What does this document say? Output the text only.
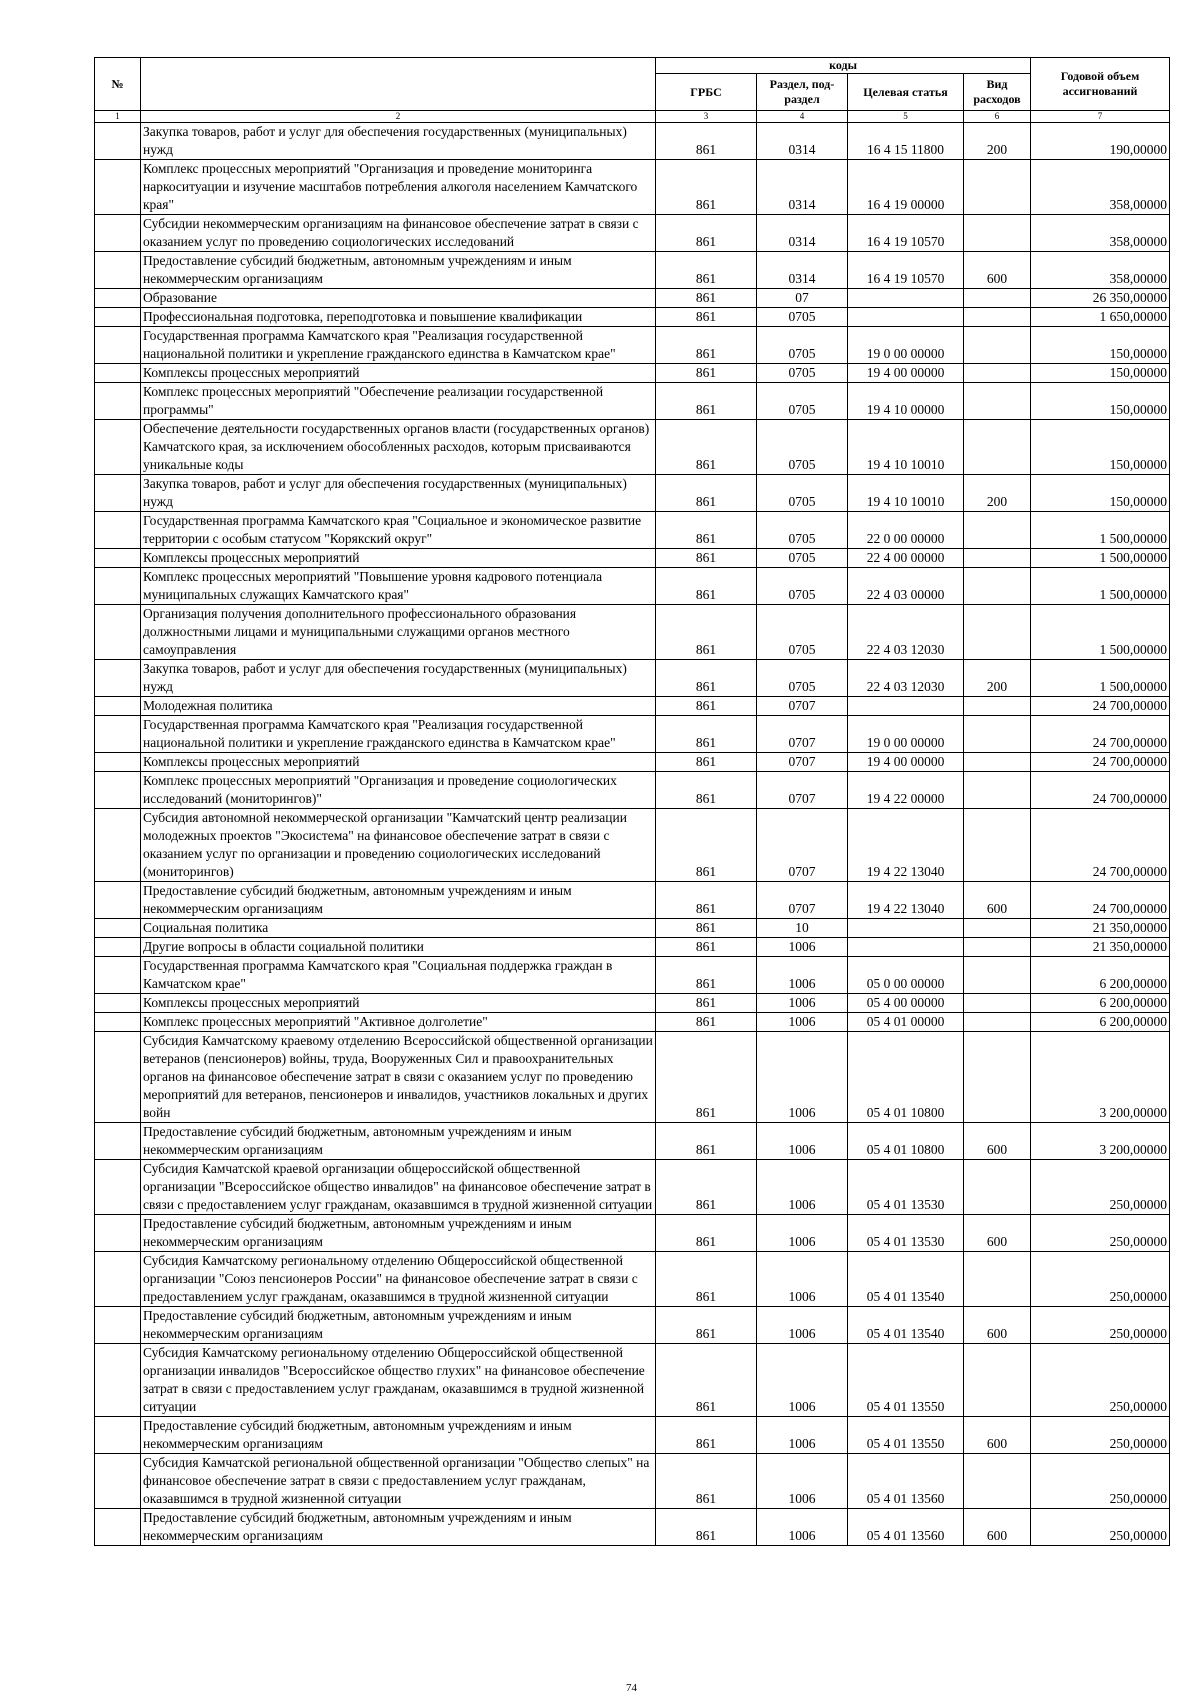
№		коды				Годовой объем ассигнований
		ГРБС	Раздел, под-раздел	Целевая статья	Вид расходов	
1	2	3	4	5	6	7
	Закупка товаров, работ и услуг для обеспечения государственных (муниципальных) нужд	861	0314	16 4 15 11800	200	190,00000
	Комплекс процессных мероприятий "Организация и проведение мониторинга наркоситуации и изучение масштабов потребления алкоголя населением Камчатского края"	861	0314	16 4 19 00000		358,00000
	Субсидии некоммерческим организациям на финансовое обеспечение затрат в связи с оказанием услуг по проведению социологических исследований	861	0314	16 4 19 10570		358,00000
	Предоставление субсидий бюджетным, автономным учреждениям и иным некоммерческим организациям	861	0314	16 4 19 10570	600	358,00000
	Образование	861	07			26 350,00000
	Профессиональная подготовка, переподготовка и повышение квалификации	861	0705			1 650,00000
	Государственная программа Камчатского края "Реализация государственной национальной политики и укрепление гражданского единства в Камчатском крае"	861	0705	19 0 00 00000		150,00000
	Комплексы процессных мероприятий	861	0705	19 4 00 00000		150,00000
	Комплекс процессных мероприятий "Обеспечение реализации государственной программы"	861	0705	19 4 10 00000		150,00000
	Обеспечение деятельности государственных органов власти (государственных органов) Камчатского края, за исключением обособленных расходов, которым присваиваются уникальные коды	861	0705	19 4 10 10010		150,00000
	Закупка товаров, работ и услуг для обеспечения государственных (муниципальных) нужд	861	0705	19 4 10 10010	200	150,00000
	Государственная программа Камчатского края "Социальное и экономическое развитие территории с особым статусом "Корякский округ"	861	0705	22 0 00 00000		1 500,00000
	Комплексы процессных мероприятий	861	0705	22 4 00 00000		1 500,00000
	Комплекс процессных мероприятий "Повышение уровня кадрового потенциала муниципальных служащих Камчатского края"	861	0705	22 4 03 00000		1 500,00000
	Организация получения дополнительного профессионального образования должностными лицами и муниципальными служащими органов местного самоуправления	861	0705	22 4 03 12030		1 500,00000
	Закупка товаров, работ и услуг для обеспечения государственных (муниципальных) нужд	861	0705	22 4 03 12030	200	1 500,00000
	Молодежная политика	861	0707			24 700,00000
	Государственная программа Камчатского края "Реализация государственной национальной политики и укрепление гражданского единства в Камчатском крае"	861	0707	19 0 00 00000		24 700,00000
	Комплексы процессных мероприятий	861	0707	19 4 00 00000		24 700,00000
	Комплекс процессных мероприятий "Организация и проведение социологических исследований (мониторингов)"	861	0707	19 4 22 00000		24 700,00000
	Субсидия автономной некоммерческой организации "Камчатский центр реализации молодежных проектов "Экосистема" на финансовое обеспечение затрат в связи с оказанием услуг по организации и проведению социологических исследований (мониторингов)	861	0707	19 4 22 13040		24 700,00000
	Предоставление субсидий бюджетным, автономным учреждениям и иным некоммерческим организациям	861	0707	19 4 22 13040	600	24 700,00000
	Социальная политика	861	10			21 350,00000
	Другие вопросы в области социальной политики	861	1006			21 350,00000
	Государственная программа Камчатского края "Социальная поддержка граждан в Камчатском крае"	861	1006	05 0 00 00000		6 200,00000
	Комплексы процессных мероприятий	861	1006	05 4 00 00000		6 200,00000
	Комплекс процессных мероприятий "Активное долголетие"	861	1006	05 4 01 00000		6 200,00000
	Субсидия Камчатскому краевому отделению Всероссийской общественной организации ветеранов (пенсионеров) войны, труда, Вооруженных Сил и правоохранительных органов на финансовое обеспечение затрат в связи с оказанием услуг по проведению мероприятий для ветеранов, пенсионеров и инвалидов, участников локальных и других войн	861	1006	05 4 01 10800		3 200,00000
	Предоставление субсидий бюджетным, автономным учреждениям и иным некоммерческим организациям	861	1006	05 4 01 10800	600	3 200,00000
	Субсидия Камчатской краевой организации общероссийской общественной организации "Всероссийское общество инвалидов" на финансовое обеспечение затрат в связи с предоставлением услуг гражданам, оказавшимся в трудной жизненной ситуации	861	1006	05 4 01 13530		250,00000
	Предоставление субсидий бюджетным, автономным учреждениям и иным некоммерческим организациям	861	1006	05 4 01 13530	600	250,00000
	Субсидия Камчатскому региональному отделению Общероссийской общественной организации "Союз пенсионеров России" на финансовое обеспечение затрат в связи с предоставлением услуг гражданам, оказавшимся в трудной жизненной ситуации	861	1006	05 4 01 13540		250,00000
	Предоставление субсидий бюджетным, автономным учреждениям и иным некоммерческим организациям	861	1006	05 4 01 13540	600	250,00000
	Субсидия Камчатскому региональному отделению Общероссийской общественной организации инвалидов "Всероссийское общество глухих" на финансовое обеспечение затрат в связи с предоставлением услуг гражданам, оказавшимся в трудной жизненной ситуации	861	1006	05 4 01 13550		250,00000
	Предоставление субсидий бюджетным, автономным учреждениям и иным некоммерческим организациям	861	1006	05 4 01 13550	600	250,00000
	Субсидия Камчатской региональной общественной организации "Общество слепых" на финансовое обеспечение затрат в связи с предоставлением услуг гражданам, оказавшимся в трудной жизненной ситуации	861	1006	05 4 01 13560		250,00000
	Предоставление субсидий бюджетным, автономным учреждениям и иным некоммерческим организациям	861	1006	05 4 01 13560	600	250,00000
74
